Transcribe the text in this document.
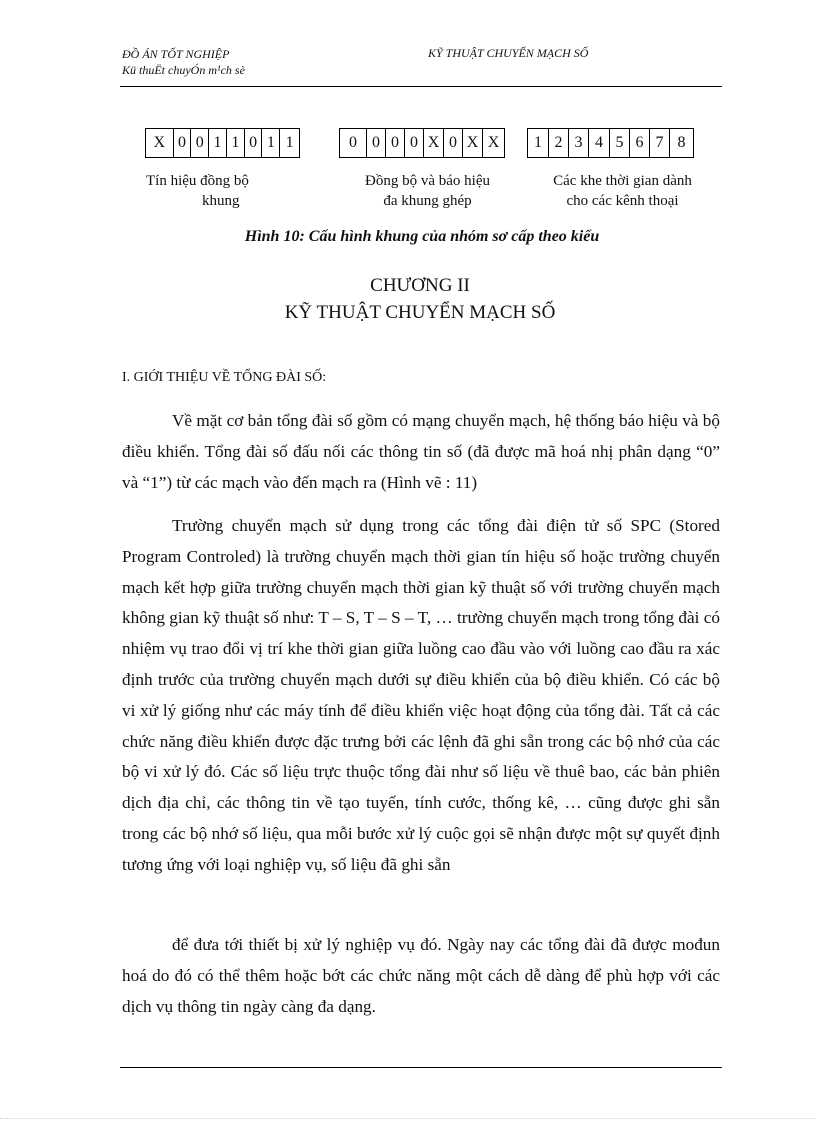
ĐỒ ÁN TỐT NGHIỆP
Kü thuËt chuyÓn m¹ch sè
KỸ THUẬT CHUYỂN MẠCH SỐ
X 0 0 1 1 0 1 1	0 0 0 0 X 0 X X	1 2 3 4 5 6 7 8
Tín hiệu đồng bộ
khung
Đồng bộ và báo hiệu
đa khung ghép
Các khe thời gian dành
cho các kênh thoại
Hình 10: Cấu hình khung của nhóm sơ cấp theo kiểu
CHƯƠNG II
KỸ THUẬT CHUYỂN MẠCH SỐ
I. GIỚI THIỆU VỀ TỔNG ĐÀI SỐ:

Về mặt cơ bản tổng đài số gồm có mạng chuyển mạch, hệ thống báo hiệu và bộ điều khiển. Tổng đài số đấu nối các thông tin số (đã được mã hoá nhị phân dạng “0” và “1”) từ các mạch vào đến mạch ra (Hình vẽ : 11)

Trường chuyển mạch sử dụng trong các tổng đài điện tử số SPC (Stored Program Controled) là trường chuyển mạch thời gian tín hiệu số hoặc trường chuyển mạch kết hợp giữa trường chuyển mạch thời gian kỹ thuật số với trường chuyển mạch không gian kỹ thuật số như: T – S, T – S – T, … trường chuyển mạch trong tổng đài có nhiệm vụ trao đổi vị trí khe thời gian giữa luồng cao đầu vào với luồng cao đầu ra xác định trước của trường chuyển mạch dưới sự điều khiển của bộ điều khiển. Có các bộ vi xử lý giống như các máy tính để điều khiển việc hoạt động của tổng đài. Tất cả các chức năng điều khiển được đặc trưng bởi các lệnh đã ghi sẵn trong các bộ nhớ của các bộ vi xử lý đó. Các số liệu trực thuộc tổng đài như số liệu về thuê bao, các bản phiên dịch địa chỉ, các thông tin về tạo tuyến, tính cước, thống kê, … cũng được ghi sẵn trong các bộ nhớ số liệu, qua mỗi bước xử lý cuộc gọi sẽ nhận được một sự quyết định tương ứng với loại nghiệp vụ, số liệu đã ghi sẵn

để đưa tới thiết bị xử lý nghiệp vụ đó. Ngày nay các tổng đài đã được mođun hoá do đó có thể thêm hoặc bớt các chức năng một cách dễ dàng để phù hợp với các dịch vụ thông tin ngày càng đa dạng.
